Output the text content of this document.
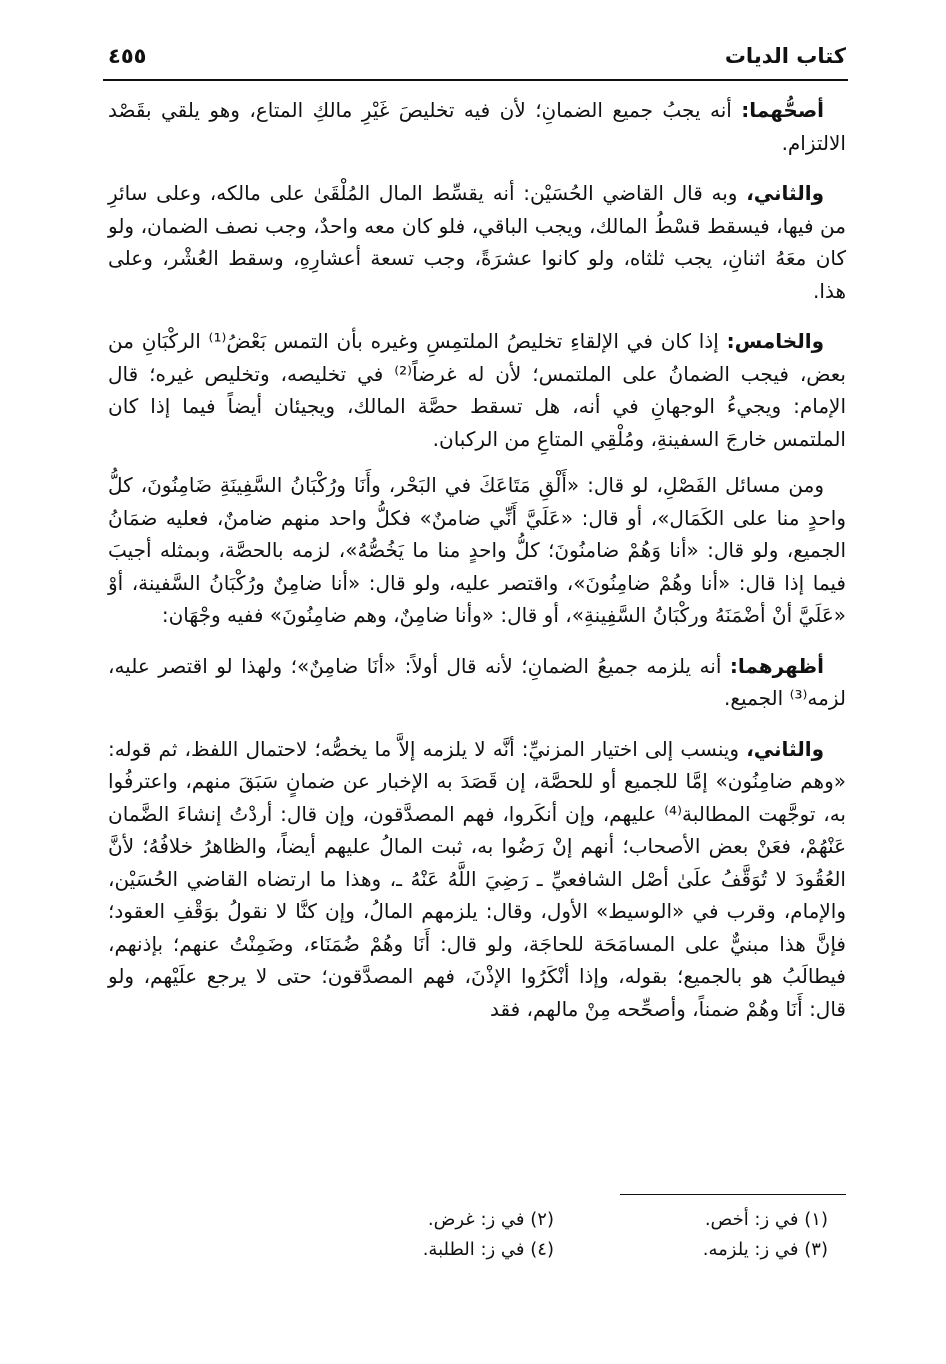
كتاب الديات
٤٥٥

أصحُّهما: أنه يجبُ جميع الضمانِ؛ لأن فيه تخليصَ غَيْرِ مالكِ المتاع، وهو يلقي بقَصْد الالتزام.

والثاني، وبه قال القاضي الحُسَيْن: أنه يقسِّط المال المُلْقَىٰ على مالكه، وعلى سائرِ من فيها، فيسقط قسْطُ المالك، ويجب الباقي، فلو كان معه واحدٌ، وجب نصف الضمان، ولو كان معَهُ اثنانِ، يجب ثلثاه، ولو كانوا عشرَةً، وجب تسعة أعشارِهِ، وسقط العُشْر، وعلى هذا.

والخامس: إذا كان في الإلقاءِ تخليصُ الملتمِسِ وغيره بأن التمس بَعْضُ⁽¹⁾ الركْبَانِ من بعض، فيجب الضمانُ على الملتمس؛ لأن له غرضاً⁽²⁾ في تخليصه، وتخليص غيره؛ قال الإمام: ويجيءُ الوجهانِ في أنه، هل تسقط حصَّة المالك، ويجيئان أيضاً فيما إذا كان الملتمس خارجَ السفينةِ، ومُلْقِي المتاعِ من الركبان.

ومن مسائل الفَصْلِ، لو قال: «أَلْقِ مَتَاعَكَ في البَحْر، وأَنَا ورُكْبَانُ السَّفِينَةِ ضَامِنُونَ، كلُّ واحدٍ منا على الكَمَال»، أو قال: «عَلَيَّ أَنِّي ضامنٌ» فكلُّ واحد منهم ضامنٌ، فعليه ضمَانُ الجميع، ولو قال: «أنا وَهُمْ ضامنُونَ؛ كلُّ واحدٍ منا ما يَخُصُّهُ»، لزمه بالحصَّة، وبمثله أجيبَ فيما إذا قال: «أنا وهُمْ ضامِنُونَ»، واقتصر عليه، ولو قال: «أنا ضامِنٌ ورُكْبَانُ السَّفينة، أوْ «عَلَيَّ أنْ أضْمَنَهُ وركْبَانُ السَّفِينةِ»، أو قال: «وأنا ضامِنٌ، وهم ضامِنُونَ» ففيه وجْهَان:

أظهرهما: أنه يلزمه جميعُ الضمانِ؛ لأنه قال أولاً: «أنَا ضامِنٌ»؛ ولهذا لو اقتصر عليه، لزمه⁽³⁾ الجميع.

والثاني، وينسب إلى اختيار المزنيِّ: أنَّه لا يلزمه إلاَّ ما يخصُّه؛ لاحتمال اللفظ، ثم قوله: «وهم ضامِنُون» إمَّا للجميع أو للحصَّة، إن قَصَدَ به الإخبار عن ضمانٍ سَبَقَ منهم، واعترفُوا به، توجَّهت المطالبة⁽⁴⁾ عليهم، وإن أنكَروا، فهم المصدَّقون، وإن قال: أردْتُ إنشاءَ الضَّمان عَنْهُمْ، فعَنْ بعض الأصحاب؛ أنهم إنْ رَضُوا به، ثبت المالُ عليهم أيضاً، والظاهرُ خلافُهُ؛ لأنَّ العُقُودَ لا تُوَقَّفُ علَىٰ أصْل الشافعيِّ ـ رَضِيَ اللَّهُ عَنْهُ ـ، وهذا ما ارتضاه القاضي الحُسَيْن، والإمام، وقرب في «الوسيط» الأول، وقال: يلزمهم المالُ، وإن كنَّا لا نقولُ بوَقْفِ العقود؛ فإنَّ هذا مبنيٌّ على المسامَحَة للحاجَة، ولو قال: أَنَا وهُمْ ضُمَنَاء، وضَمِنْتُ عنهم؛ بإذنهم، فيطالَبُ هو بالجميع؛ بقوله، وإذا أنْكَرُوا الإذْنَ، فهم المصدَّقون؛ حتى لا يرجع علَيْهم، ولو قال: أَنَا وهُمْ ضمناً، وأصحِّحه مِنْ مالهم، فقد

(١) في ز: أخص.
(٢) في ز: غرض.
(٣) في ز: يلزمه.
(٤) في ز: الطلبة.
